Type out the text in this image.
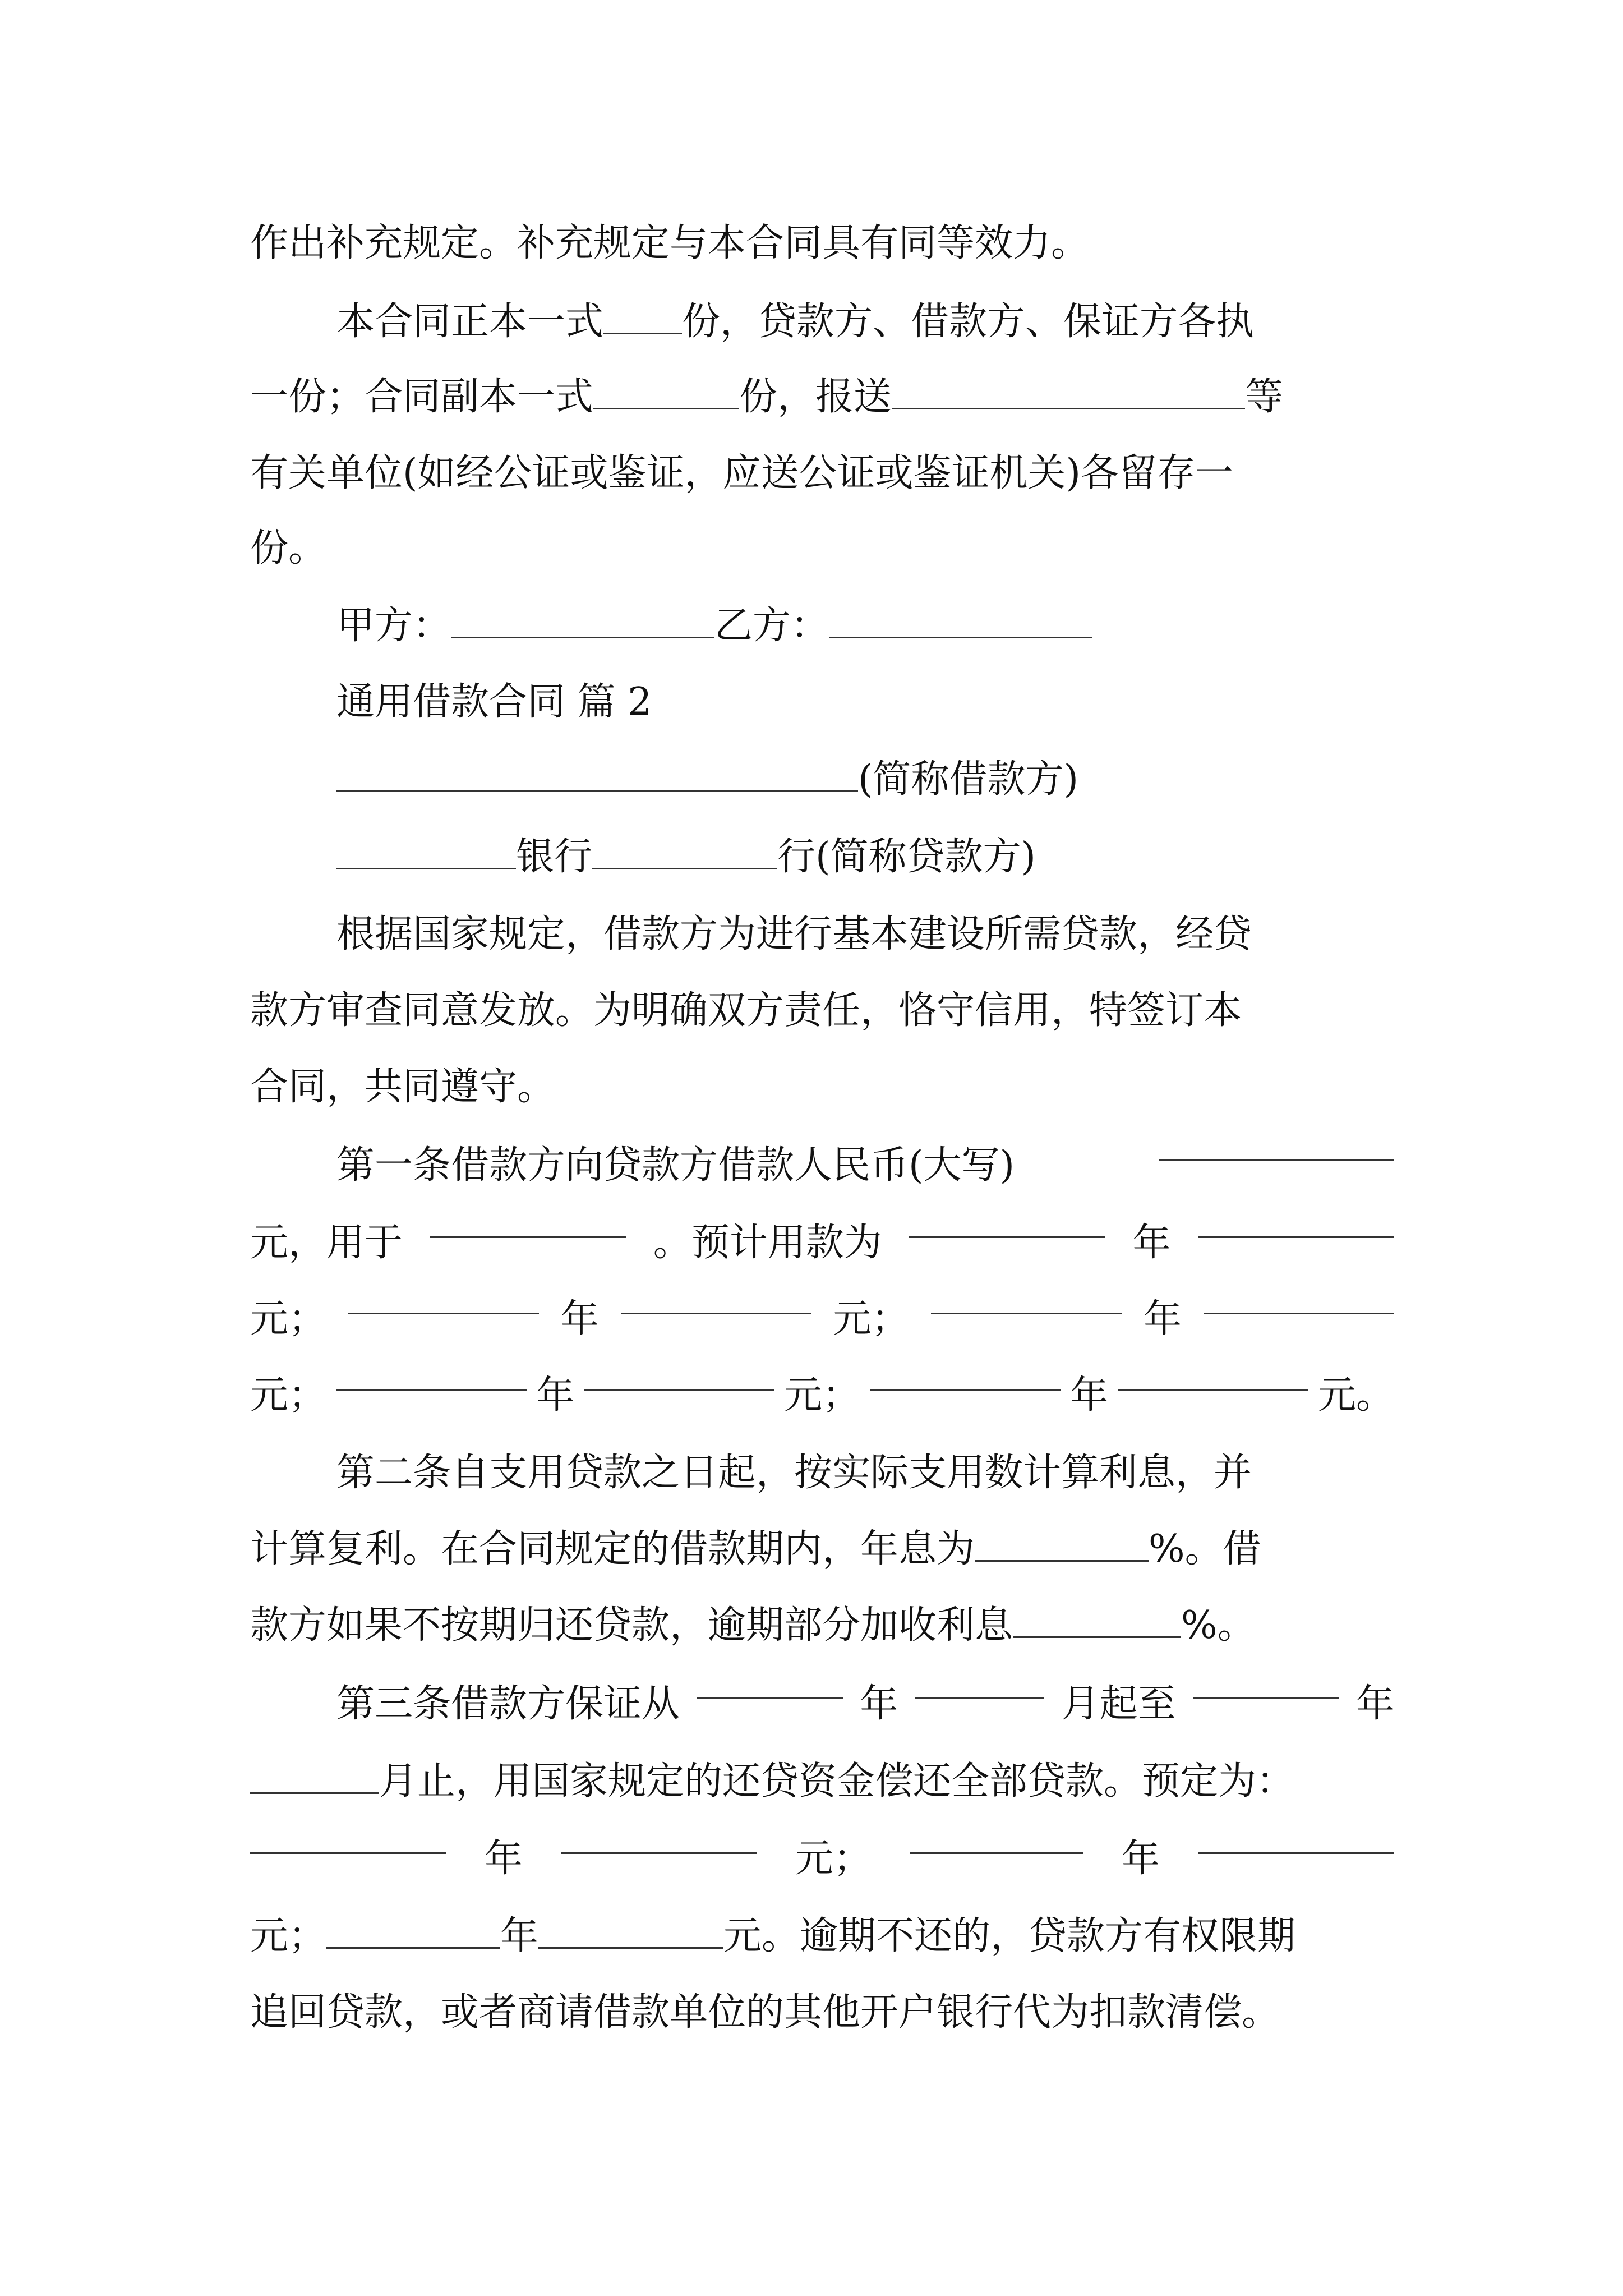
作出补充规定。补充规定与本合同具有同等效力。
本合同正本一式 份，贷款方、借款方、保证方各执
一份；合同副本一式	份，报送	等
有关单位(如经公证或鉴证，应送公证或鉴证机关)各留存一
份。
甲方：	乙方：
通用借款合同 篇 2
(简称借款方)
银行	行(简称贷款方)
根据国家规定，借款方为进行基本建设所需贷款，经贷
款方审查同意发放。为明确双方责任，恪守信用，特签订本
合同，共同遵守。
第一条借款方向贷款方借款人民币(大写)
元，用于	。预计用款为	年
元；	年	元；	年
元；	年	元；	年	元。
第二条自支用贷款之日起，按实际支用数计算利息，并
计算复利。在合同规定的借款期内，年息为	%。借
款方如果不按期归还贷款，逾期部分加收利息	%。
第三条借款方保证从	年	月起至	年
月止，用国家规定的还贷资金偿还全部贷款。预定为：
年	元；	年
元；	年	元。逾期不还的，贷款方有权限期
追回贷款，或者商请借款单位的其他开户银行代为扣款清偿。
